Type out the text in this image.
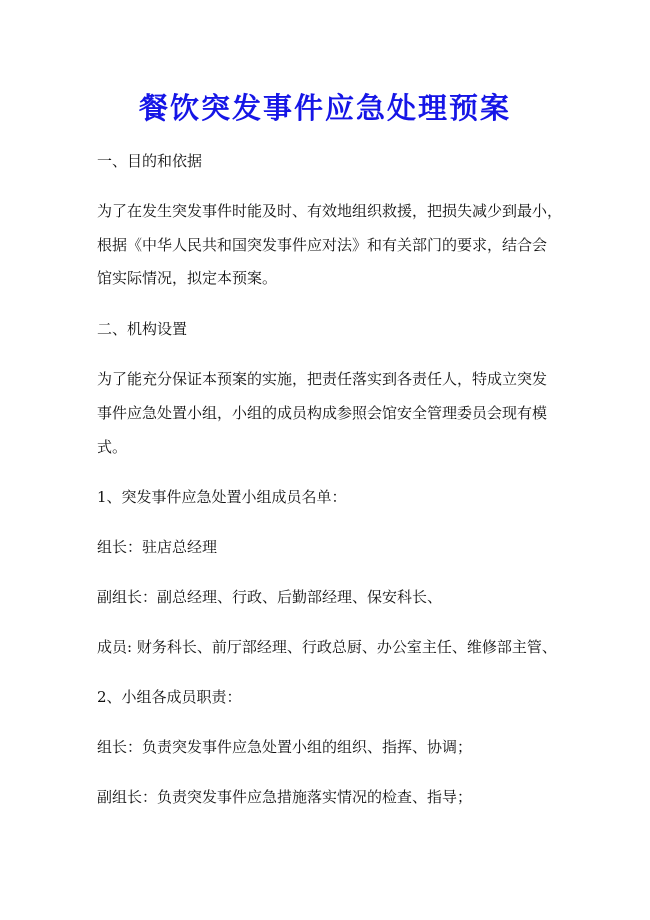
餐饮突发事件应急处理预案
一、目的和依据
为了在发生突发事件时能及时、有效地组织救援，把损失减少到最小，
根据《中华人民共和国突发事件应对法》和有关部门的要求，结合会
馆实际情况，拟定本预案。
二、机构设置
为了能充分保证本预案的实施，把责任落实到各责任人，特成立突发
事件应急处置小组，小组的成员构成参照会馆安全管理委员会现有模
式。
1、突发事件应急处置小组成员名单：
组长：驻店总经理
副组长：副总经理、行政、后勤部经理、保安科长、
成员: 财务科长、前厅部经理、行政总厨、办公室主任、维修部主管、
2、小组各成员职责：
组长：负责突发事件应急处置小组的组织、指挥、协调；
副组长：负责突发事件应急措施落实情况的检查、指导；
